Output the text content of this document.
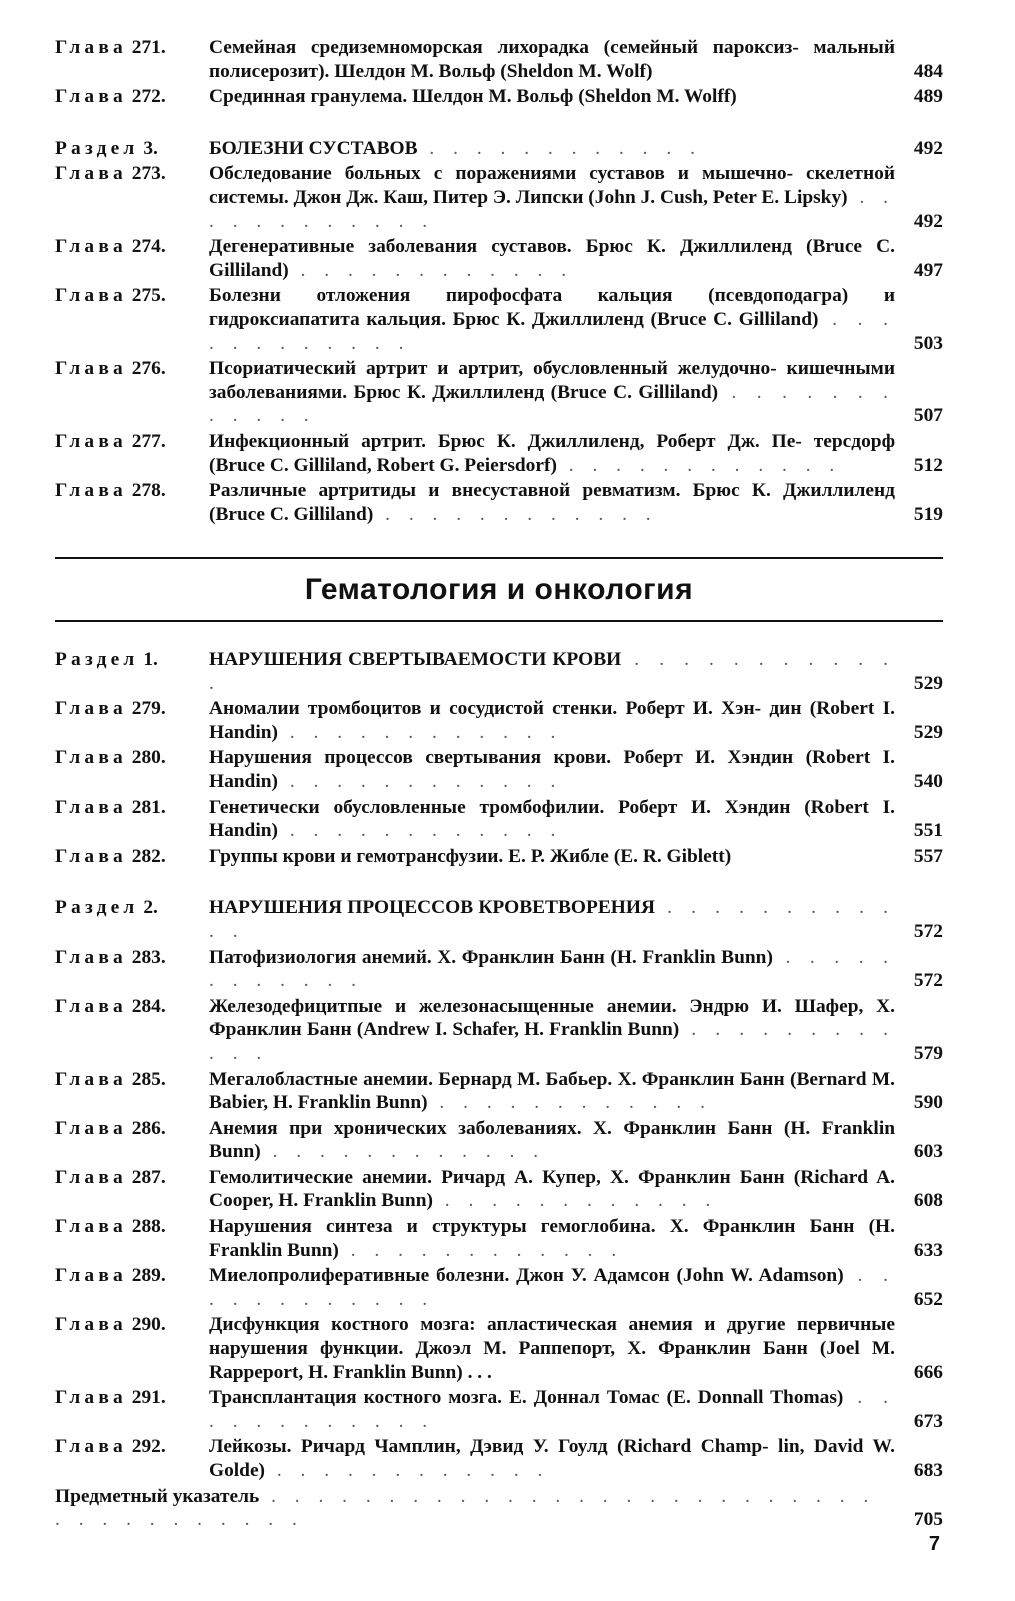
Глава 271.	Семейная средиземноморская лихорадка (семейный пароксиз- мальный полисерозит). Шелдон М. Вольф (Sheldon M. Wolf)	484
Глава 272.	Срединная гранулема. Шелдон М. Вольф (Sheldon M. Wolff)	489
Раздел 3.	БОЛЕЗНИ СУСТАВОВ . . . . . . . . . . . .	492
Глава 273.	Обследование больных с поражениями суставов и мышечно- скелетной системы. Джон Дж. Каш, Питер Э. Липски (John J. Cush, Peter E. Lipsky) . . . . . . . . . . . .	492
Глава 274.	Дегенеративные заболевания суставов. Брюс К. Джиллиленд (Bruce C. Gilliland) . . . . . . . . . . . .	497
Глава 275.	Болезни отложения пирофосфата кальция (псевдоподагра) и гидроксиапатита кальция. Брюс К. Джиллиленд (Bruce C. Gilliland) . . . . . . . . . . . .	503
Глава 276.	Псориатический артрит и артрит, обусловленный желудочно- кишечными заболеваниями. Брюс К. Джиллиленд (Bruce C. Gilliland) . . . . . . . . . . . .	507
Глава 277.	Инфекционный артрит. Брюс К. Джиллиленд, Роберт Дж. Пе- терсдорф (Bruce C. Gilliland, Robert G. Peiersdorf) . . . . . . . . . . . .	512
Глава 278.	Различные артритиды и внесуставной ревматизм. Брюс К. Джиллиленд (Bruce C. Gilliland) . . . . . . . . . . . .	519
Гематология и онкология
Раздел 1.	НАРУШЕНИЯ СВЕРТЫВАЕМОСТИ КРОВИ . . . . . . . . . . . .	529
Глава 279.	Аномалии тромбоцитов и сосудистой стенки. Роберт И. Хэн- дин (Robert I. Handin) . . . . . . . . . . . .	529
Глава 280.	Нарушения процессов свертывания крови. Роберт И. Хэндин (Robert I. Handin) . . . . . . . . . . . .	540
Глава 281.	Генетически обусловленные тромбофилии. Роберт И. Хэндин (Robert I. Handin) . . . . . . . . . . . .	551
Глава 282.	Группы крови и гемотрансфузии. Е. Р. Жибле (E. R. Giblett)	557
Раздел 2.	НАРУШЕНИЯ ПРОЦЕССОВ КРОВЕТВОРЕНИЯ . . . . . . . . . . . .	572
Глава 283.	Патофизиология анемий. Х. Франклин Банн (H. Franklin Bunn) . . . . . . . . . . . .	572
Глава 284.	Железодефицитпые и железонасыщенные анемии. Эндрю И. Шафер, Х. Франклин Банн (Andrew I. Schafer, H. Franklin Bunn) . . . . . . . . . . . .	579
Глава 285.	Мегалобластные анемии. Бернард М. Бабьер. Х. Франклин Банн (Bernard M. Babier, H. Franklin Bunn) . . . . . . . . . . . .	590
Глава 286.	Анемия при хронических заболеваниях. Х. Франклин Банн (H. Franklin Bunn) . . . . . . . . . . . .	603
Глава 287.	Гемолитические анемии. Ричард А. Купер, Х. Франклин Банн (Richard A. Cooper, H. Franklin Bunn) . . . . . . . . . . . .	608
Глава 288.	Нарушения синтеза и структуры гемоглобина. Х. Франклин Банн (H. Franklin Bunn) . . . . . . . . . . . .	633
Глава 289.	Миелопролиферативные болезни. Джон У. Адамсон (John W. Adamson) . . . . . . . . . . . .	652
Глава 290.	Дисфункция костного мозга: апластическая анемия и другие первичные нарушения функции. Джоэл М. Раппепорт, Х. Франклин Банн (Joel M. Rappeport, H. Franklin Bunn) . . .	666
Глава 291.	Трансплантация костного мозга. Е. Доннал Томас (E. Donnall Thomas) . . . . . . . . . . . .	673
Глава 292.	Лейкозы. Ричард Чамплин, Дэвид У. Гоулд (Richard Champ- lin, David W. Golde) . . . . . . . . . . . .	683
Предметный указатель . . . . . . . . . . . . . . . . . . . . . . . . . . . . . . . . . . . . .	705
7
